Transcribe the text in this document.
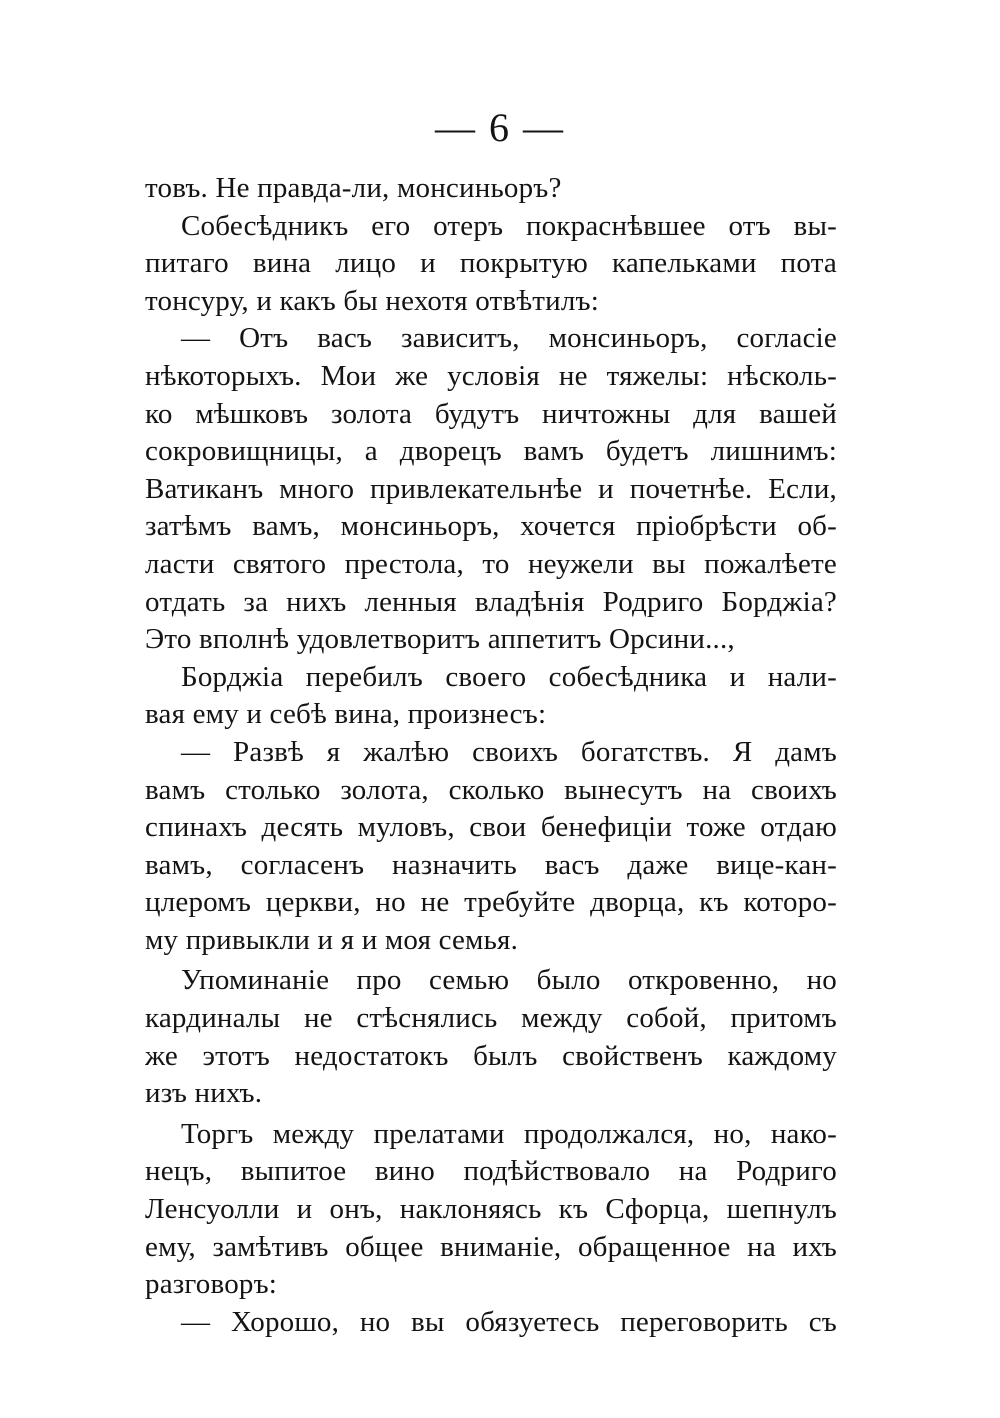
— 6 —
товъ. Не правда-ли, монсиньоръ?
Собесѣдникъ его отеръ покраснѣвшее отъ вы-
питаго вина лицо и покрытую капельками пота
тонсуру, и какъ бы нехотя отвѣтилъ:
— Отъ васъ зависитъ, монсиньоръ, согласіе
нѣкоторыхъ. Мои же условія не тяжелы: нѣсколь-
ко мѣшковъ золота будутъ ничтожны для вашей
сокровищницы, а дворецъ вамъ будетъ лишнимъ:
Ватиканъ много привлекательнѣе и почетнѣе. Если,
затѣмъ вамъ, монсиньоръ, хочется пріобрѣсти об-
ласти святого престола, то неужели вы пожалѣете
отдать за нихъ ленныя владѣнія Родриго Борджіа?
Это вполнѣ удовлетворитъ аппетитъ Орсини...,
Борджіа перебилъ своего собесѣдника и нали-
вая ему и себѣ вина, произнесъ:
— Развѣ я жалѣю своихъ богатствъ. Я дамъ
вамъ столько золота, сколько вынесутъ на своихъ
спинахъ десять муловъ, свои бенефиціи тоже отдаю
вамъ, согласенъ назначить васъ даже вице-кан-
цлеромъ церкви, но не требуйте дворца, къ которо-
му привыкли и я и моя семья.
Упоминаніе про семью было откровенно, но
кардиналы не стѣснялись между собой, притомъ
же этотъ недостатокъ былъ свойственъ каждому
изъ нихъ.
Торгъ между прелатами продолжался, но, нако-
нецъ, выпитое вино подѣйствовало на Родриго
Ленсуолли и онъ, наклоняясь къ Сфорца, шепнулъ
ему, замѣтивъ общее вниманіе, обращенное на ихъ
разговоръ:
— Хорошо, но вы обязуетесь переговорить съ
